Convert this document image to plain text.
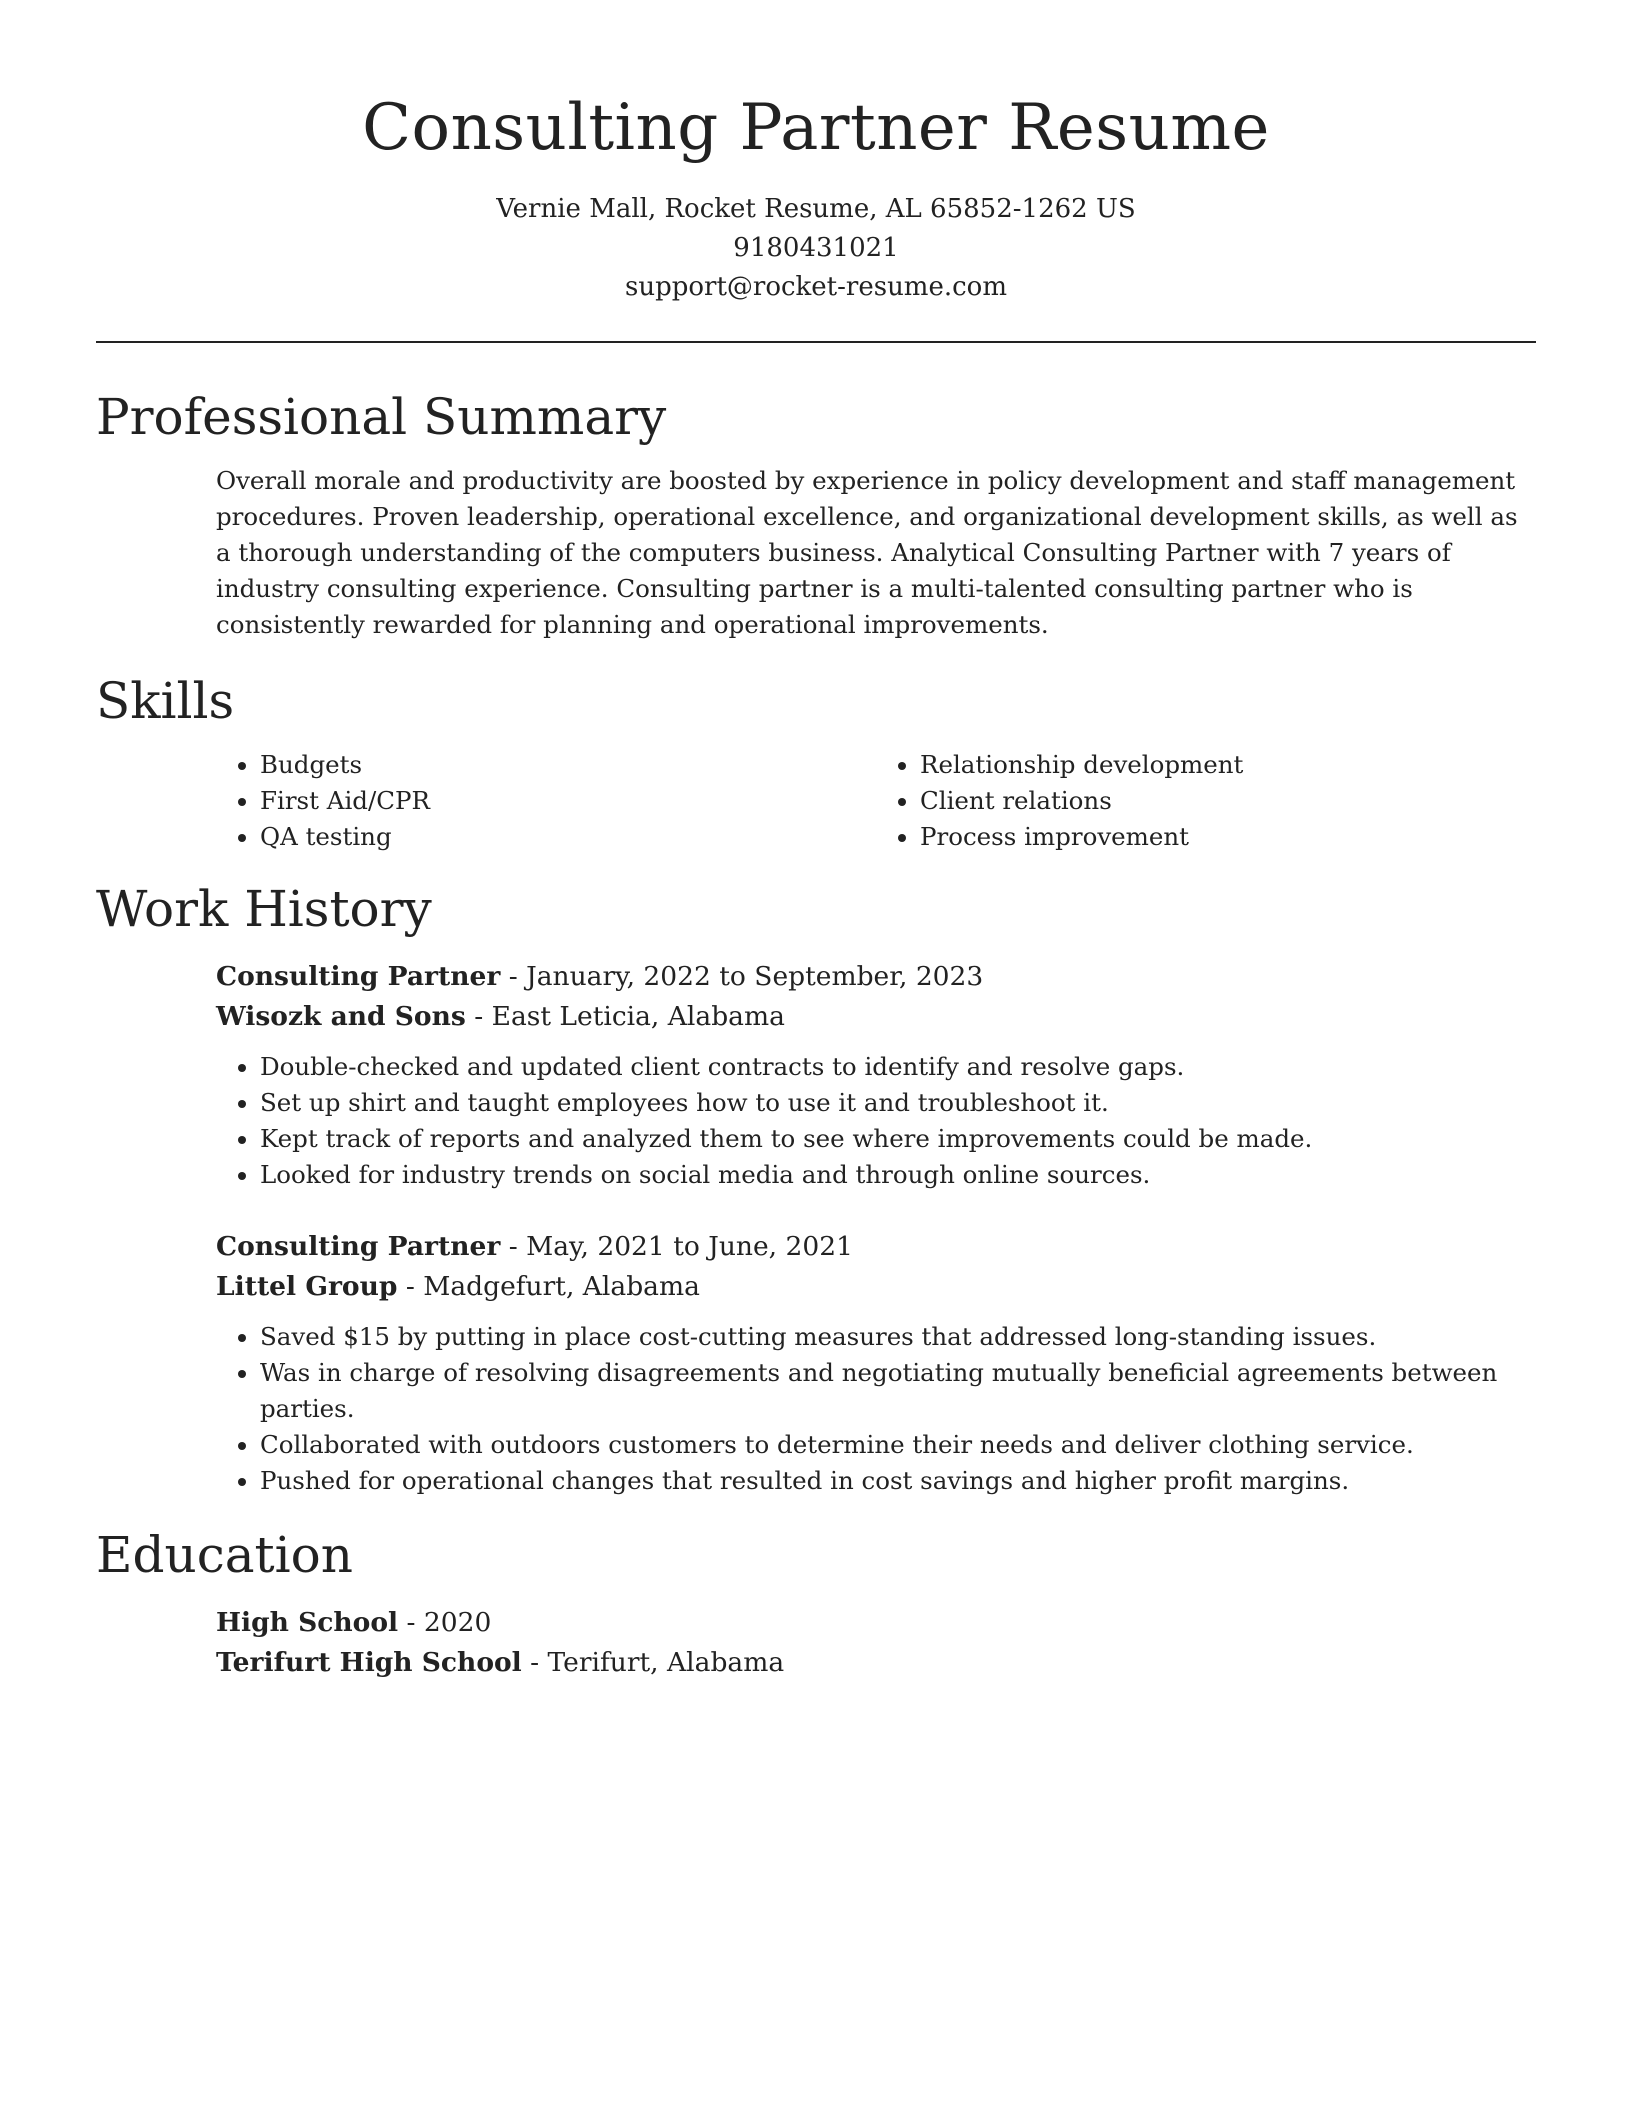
Consulting Partner Resume
Vernie Mall, Rocket Resume, AL 65852-1262 US
9180431021
support@rocket-resume.com
Professional Summary
Overall morale and productivity are boosted by experience in policy development and staff management procedures. Proven leadership, operational excellence, and organizational development skills, as well as a thorough understanding of the computers business. Analytical Consulting Partner with 7 years of industry consulting experience. Consulting partner is a multi-talented consulting partner who is consistently rewarded for planning and operational improvements.
Skills
• Budgets
• First Aid/CPR
• QA testing
• Relationship development
• Client relations
• Process improvement
Work History
Consulting Partner - January, 2022 to September, 2023
Wisozk and Sons - East Leticia, Alabama
• Double-checked and updated client contracts to identify and resolve gaps.
• Set up shirt and taught employees how to use it and troubleshoot it.
• Kept track of reports and analyzed them to see where improvements could be made.
• Looked for industry trends on social media and through online sources.
Consulting Partner - May, 2021 to June, 2021
Littel Group - Madgefurt, Alabama
• Saved $15 by putting in place cost-cutting measures that addressed long-standing issues.
• Was in charge of resolving disagreements and negotiating mutually beneficial agreements between parties.
• Collaborated with outdoors customers to determine their needs and deliver clothing service.
• Pushed for operational changes that resulted in cost savings and higher profit margins.
Education
High School - 2020
Terifurt High School - Terifurt, Alabama
